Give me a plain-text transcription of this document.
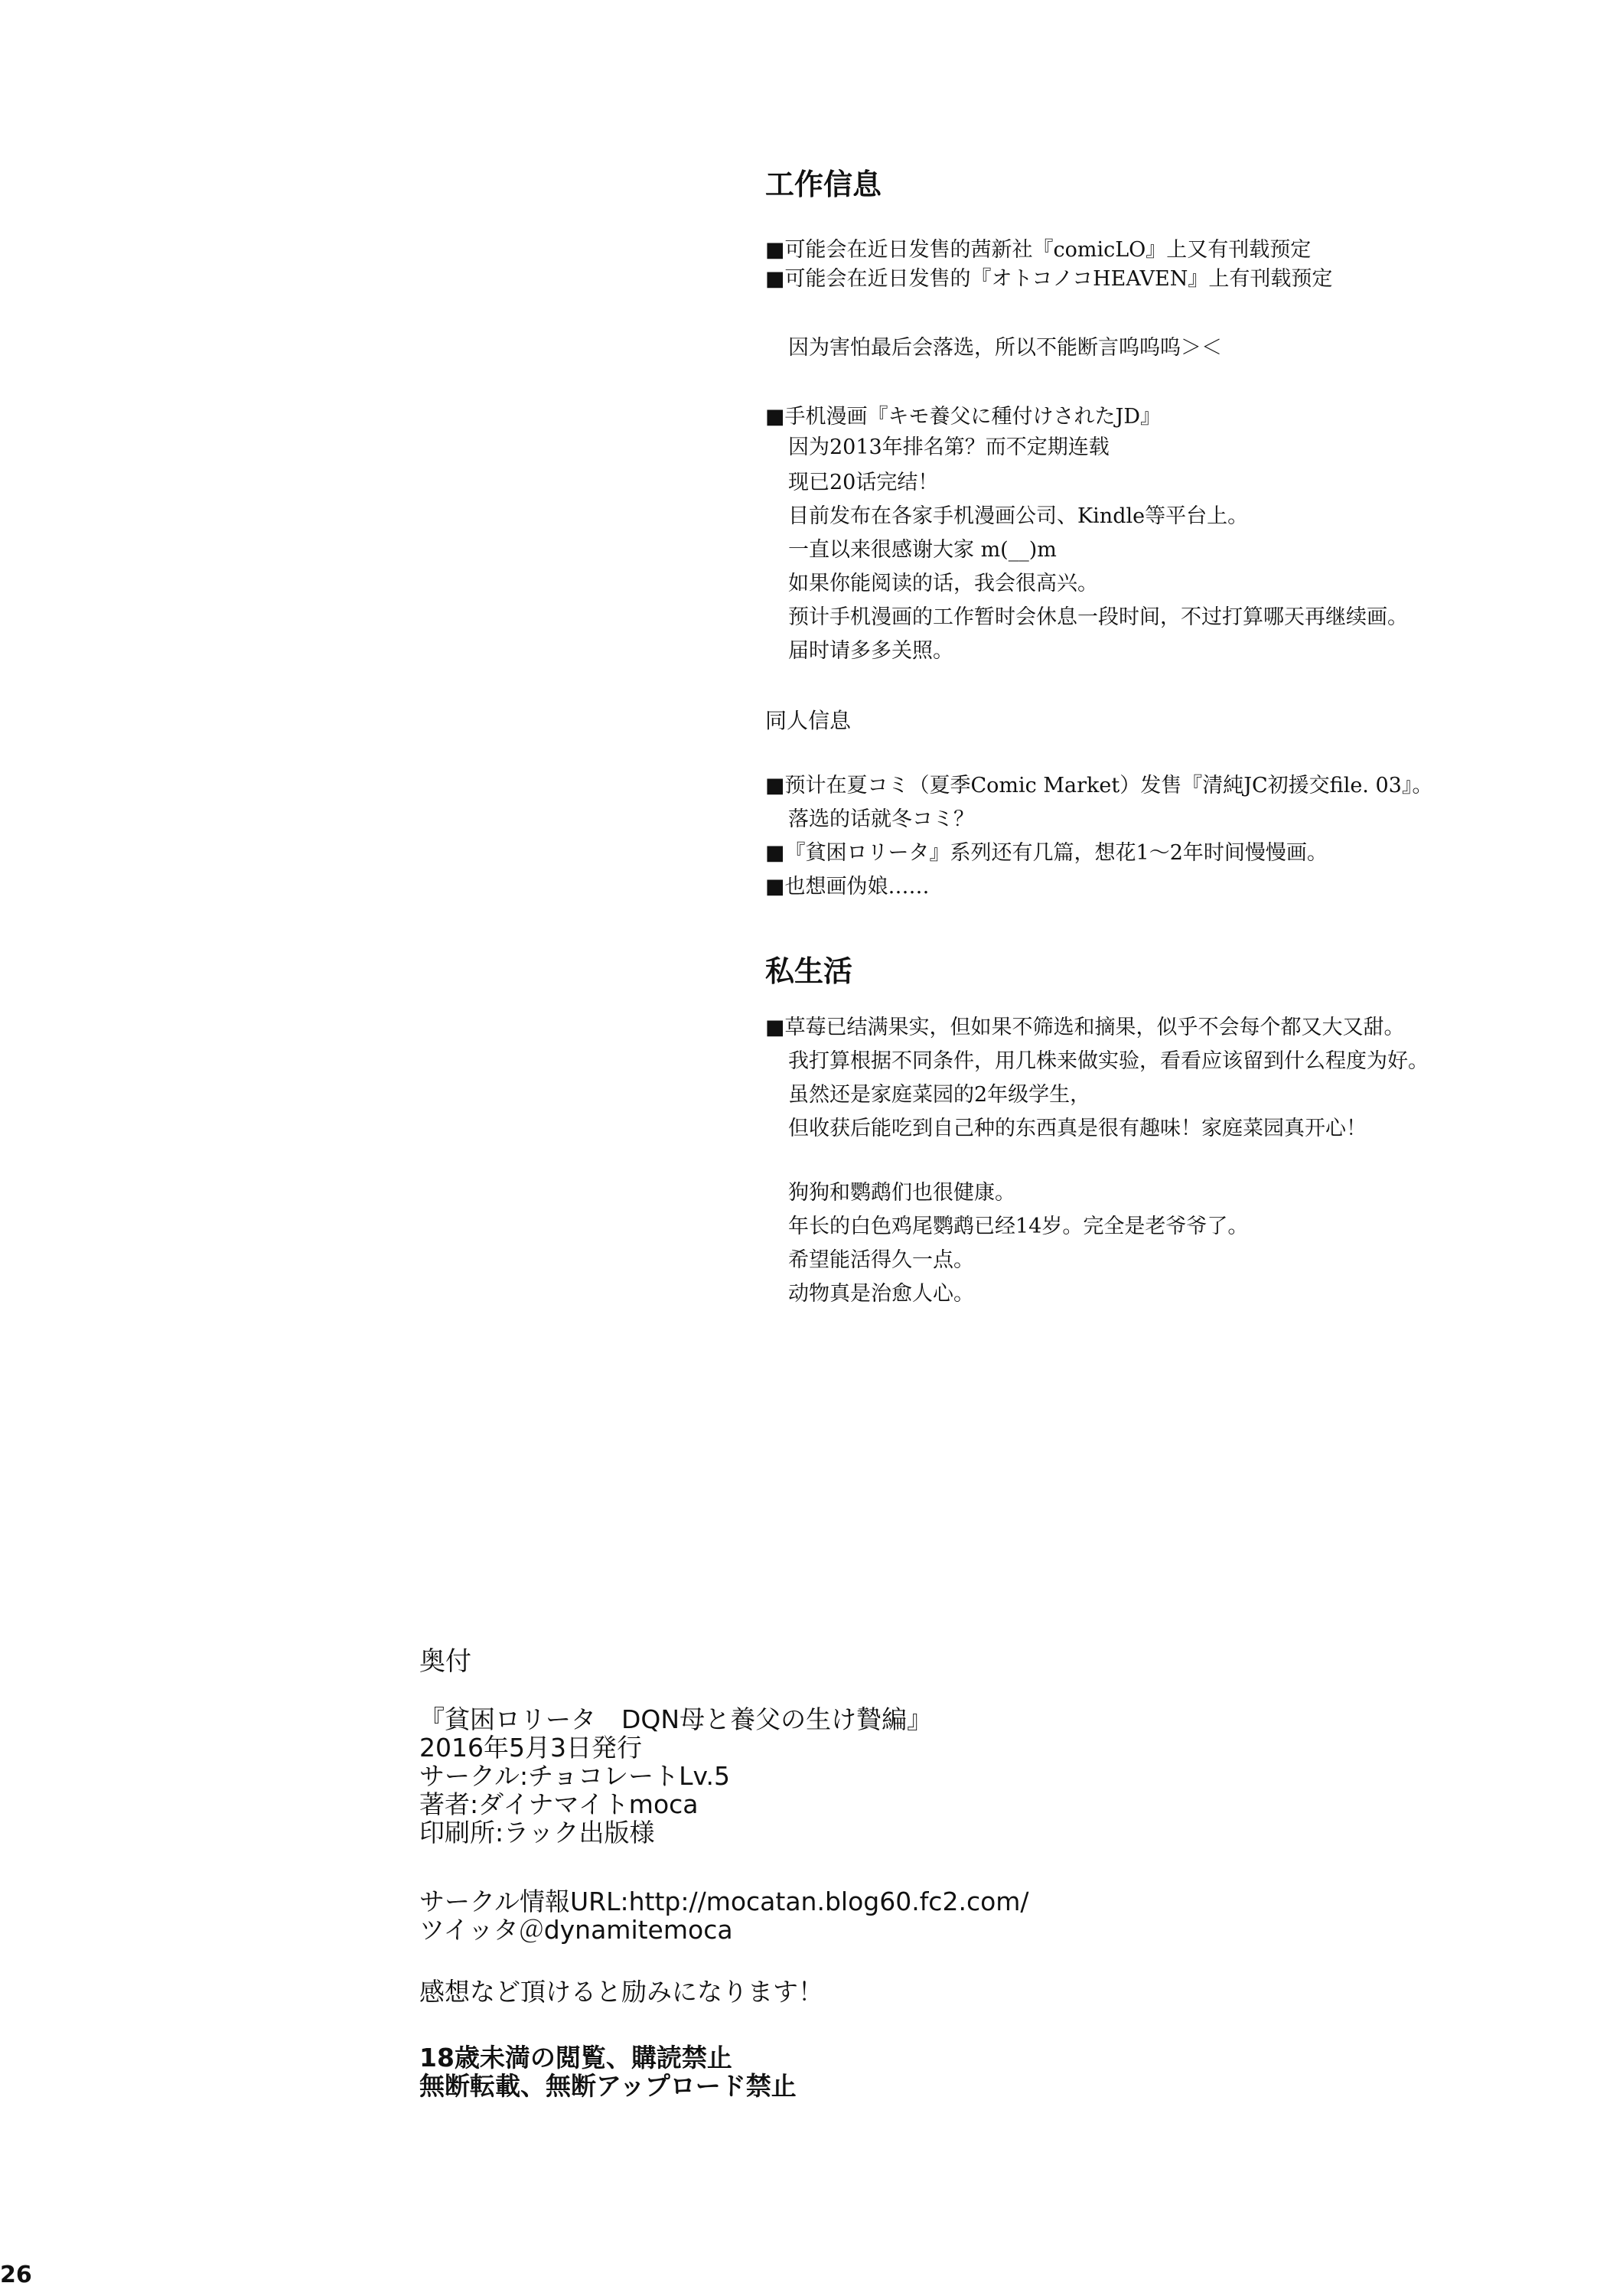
工作信息
■可能会在近日发售的茜新社『comicLO』上又有刊载预定
■可能会在近日发售的『オトコノコHEAVEN』上有刊载预定
因为害怕最后会落选，所以不能断言呜呜呜＞＜
■手机漫画『キモ養父に種付けされたJD』
因为2013年排名第？而不定期连载
现已20话完结！
目前发布在各家手机漫画公司、Kindle等平台上。
一直以来很感谢大家 m(__)m
如果你能阅读的话，我会很高兴。
预计手机漫画的工作暂时会休息一段时间，不过打算哪天再继续画。
届时请多多关照。
同人信息
■预计在夏コミ（夏季Comic Market）发售『清純JC初援交file. 03』。
落选的话就冬コミ？
■『貧困ロリータ』系列还有几篇，想花1～2年时间慢慢画。
■也想画伪娘……
私生活
■草莓已结满果实，但如果不筛选和摘果，似乎不会每个都又大又甜。
我打算根据不同条件，用几株来做实验，看看应该留到什么程度为好。
虽然还是家庭菜园的2年级学生，
但收获后能吃到自己种的东西真是很有趣味！家庭菜园真开心！
狗狗和鹦鹉们也很健康。
年长的白色鸡尾鹦鹉已经14岁。完全是老爷爷了。
希望能活得久一点。
动物真是治愈人心。
奥付
『貧困ロリータ　DQN母と養父の生け贄編』
2016年5月3日発行
サークル:チョコレートLv.5
著者:ダイナマイトmoca
印刷所:ラック出版様
サークル情報URL:http://mocatan.blog60.fc2.com/
ツイッタ＠dynamitemoca
感想など頂けると励みになります！
18歳未満の閲覧、購読禁止
無断転載、無断アップロード禁止
26
